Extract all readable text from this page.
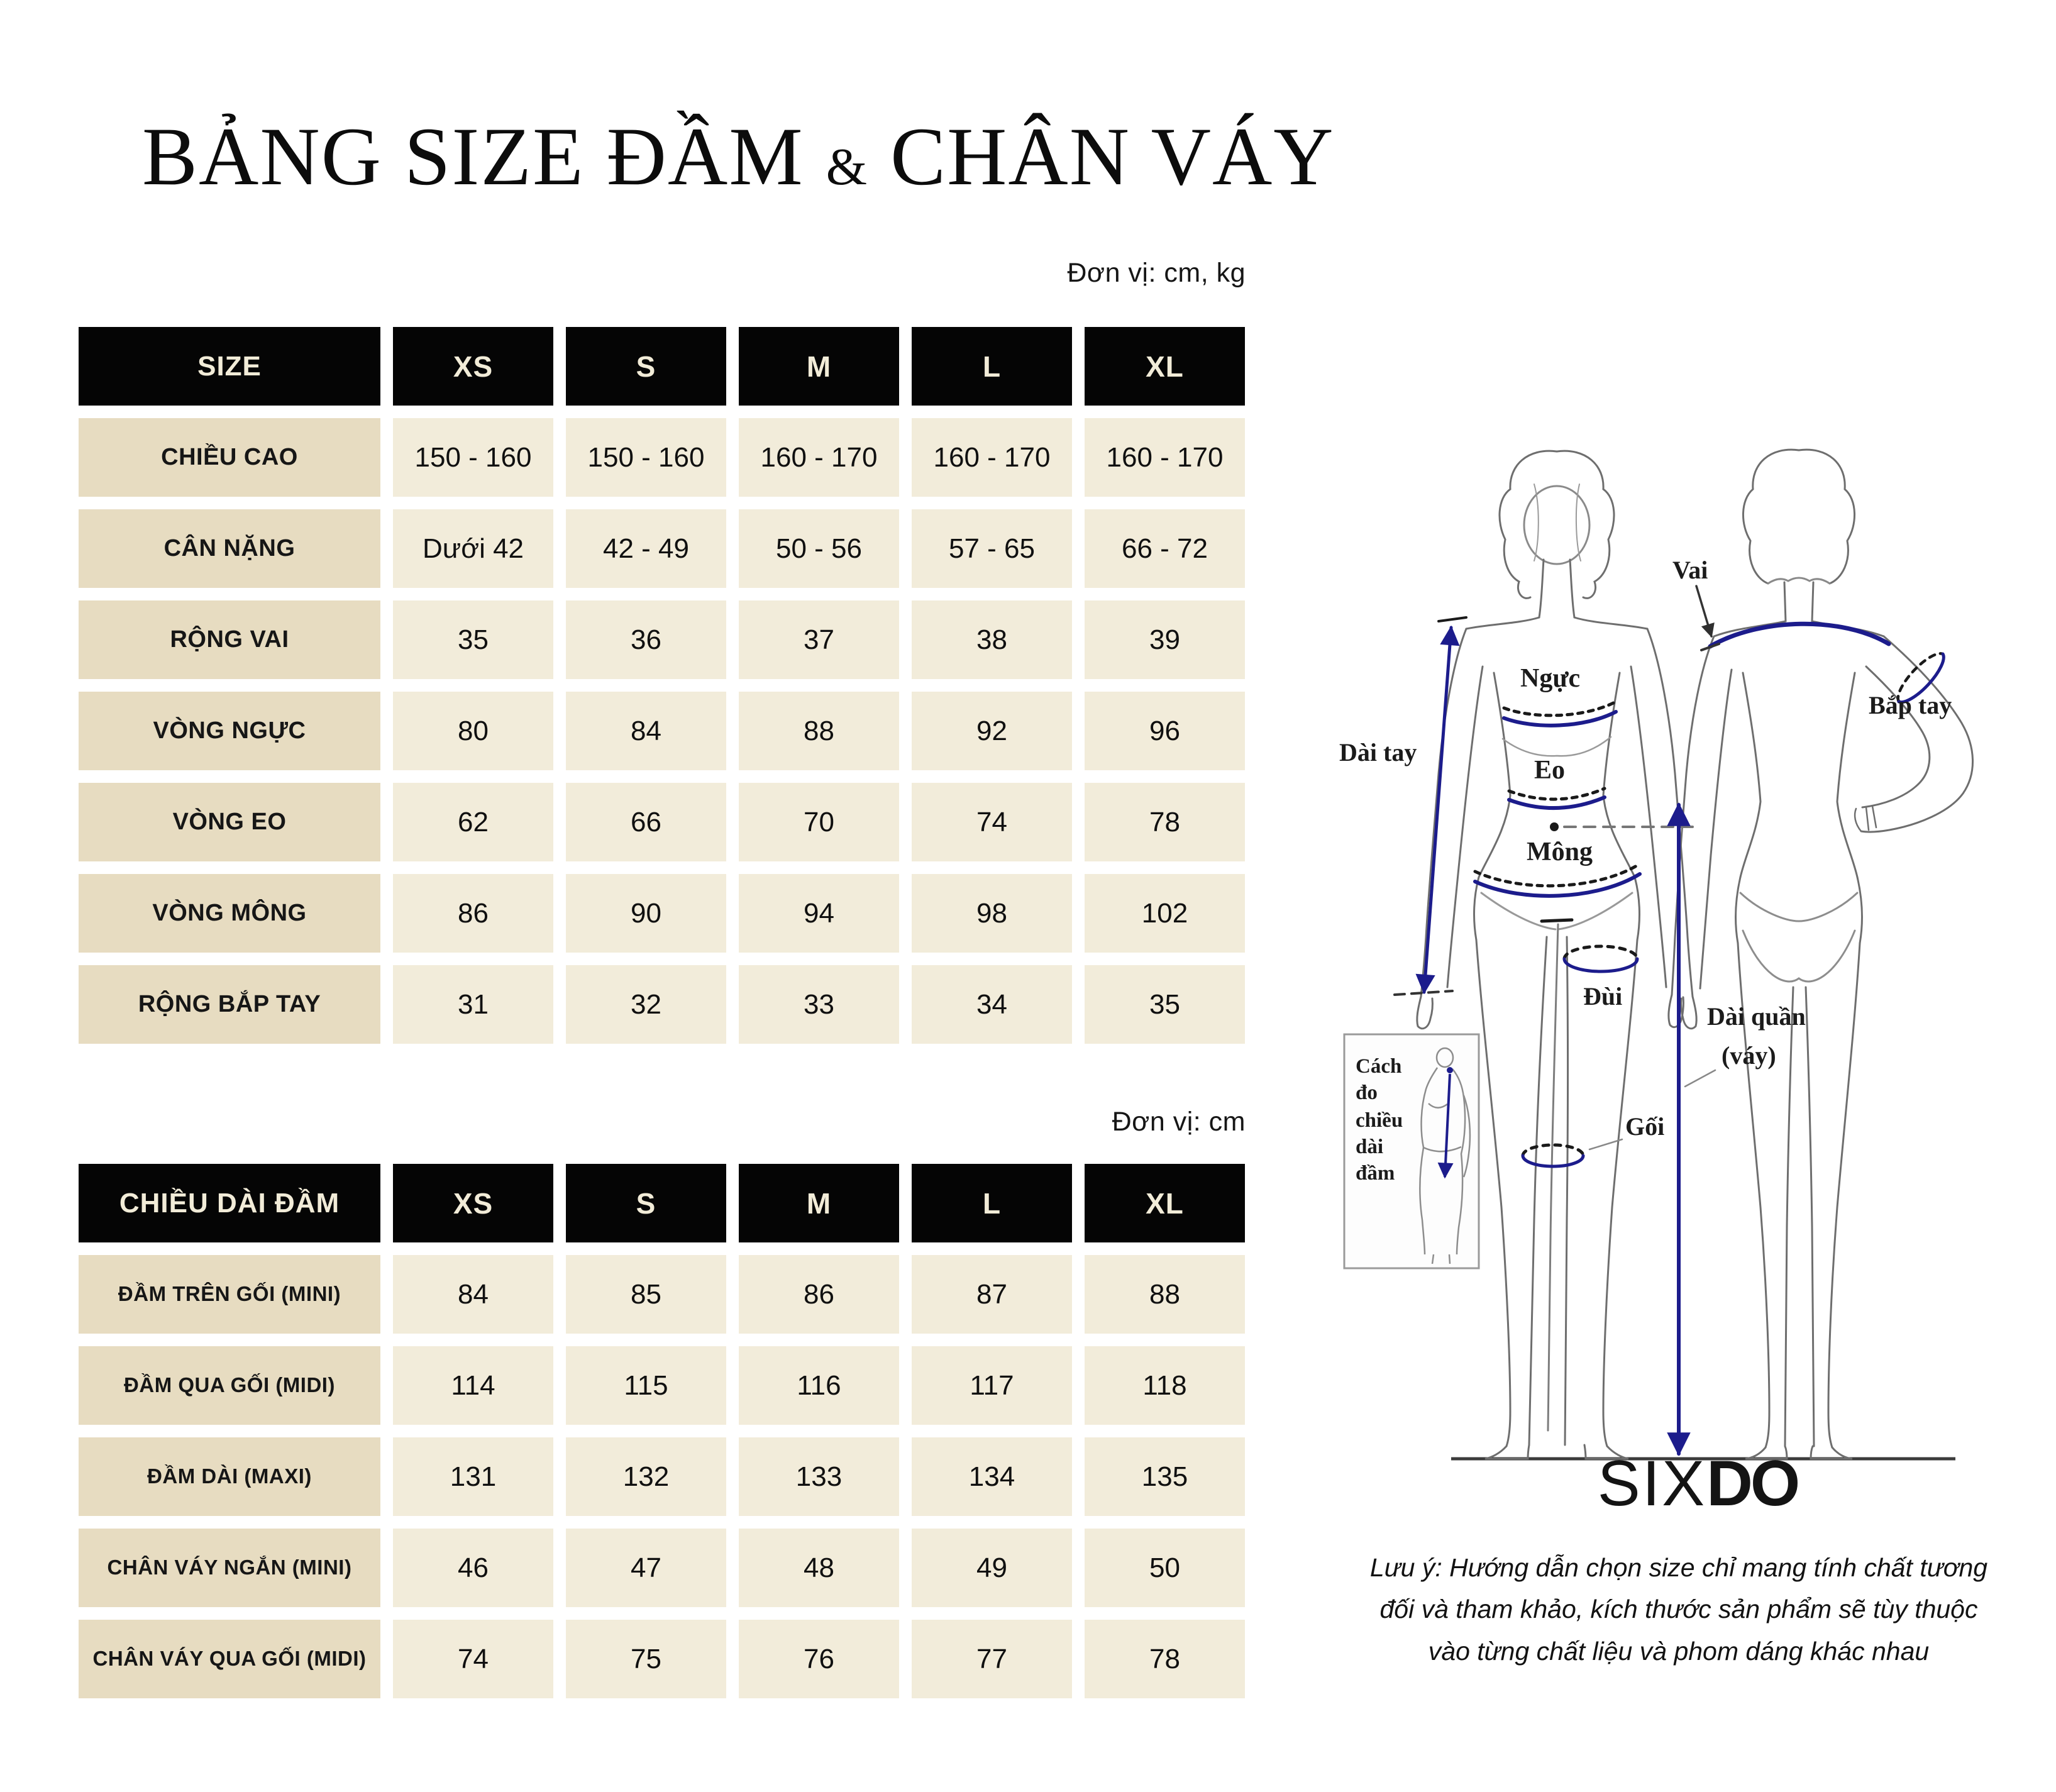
BẢNG SIZE ĐẦM & CHÂN VÁY
Đơn vị: cm, kg
Đơn vị: cm
SIZE	XS	S	M	L	XL
CHIỀU CAO	150 - 160	150 - 160	160 - 170	160 - 170	160 - 170
CÂN NẶNG	Dưới 42	42 - 49	50 - 56	57 - 65	66 - 72
RỘNG VAI	35	36	37	38	39
VÒNG NGỰC	80	84	88	92	96
VÒNG EO	62	66	70	74	78
VÒNG MÔNG	86	90	94	98	102
RỘNG BẮP TAY	31	32	33	34	35
CHIỀU DÀI ĐẦM	XS	S	M	L	XL
ĐẦM TRÊN GỐI (MINI)	84	85	86	87	88
ĐẦM QUA GỐI (MIDI)	114	115	116	117	118
ĐẦM DÀI (MAXI)	131	132	133	134	135
CHÂN VÁY NGẮN (MINI)	46	47	48	49	50
CHÂN VÁY QUA GỐI (MIDI)	74	75	76	77	78
Ngực
Eo
Mông
Đùi
Gối
Dài tay
Vai
Bắp tay
Dài quần
(váy)
Cách
đo
chiều
dài
đầm
SIXDO
Lưu ý: Hướng dẫn chọn size chỉ mang tính chất tương
đối và tham khảo, kích thước sản phẩm sẽ tùy thuộc
vào từng chất liệu và phom dáng khác nhau
